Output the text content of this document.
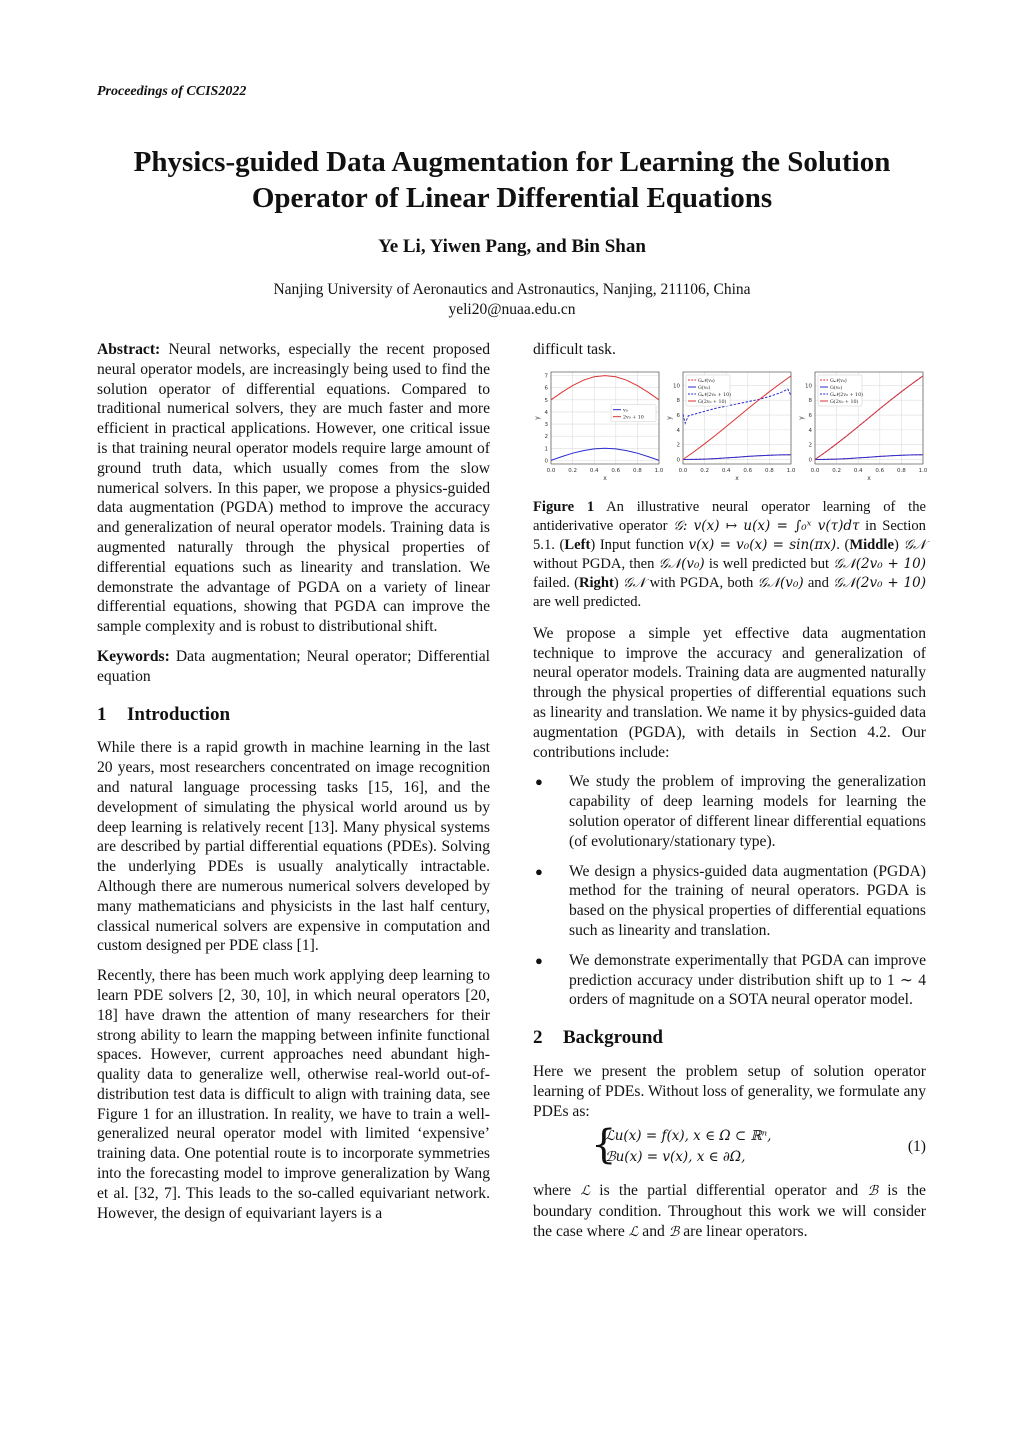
Proceedings of CCIS2022
Physics-guided Data Augmentation for Learning the Solution
Operator of Linear Differential Equations
Ye Li, Yiwen Pang, and Bin Shan
Nanjing University of Aeronautics and Astronautics, Nanjing, 211106, China
yeli20@nuaa.edu.cn

Abstract: Neural networks, especially the recent proposed neural operator models, are increasingly being used to find the solution operator of differential equations. Compared to traditional numerical solvers, they are much faster and more efficient in practical applications. However, one critical issue is that training neural operator models require large amount of ground truth data, which usually comes from the slow numerical solvers. In this paper, we propose a physics-guided data augmentation (PGDA) method to improve the accuracy and generalization of neural operator models. Training data is augmented naturally through the physical properties of differential equations such as linearity and translation. We demonstrate the advantage of PGDA on a variety of linear differential equations, showing that PGDA can improve the sample complexity and is robust to distributional shift.

Keywords: Data augmentation; Neural operator; Differential equation

1 Introduction

While there is a rapid growth in machine learning in the last 20 years, most researchers concentrated on image recognition and natural language processing tasks [15, 16], and the development of simulating the physical world around us by deep learning is relatively recent [13]. Many physical systems are described by partial differential equations (PDEs). Solving the underlying PDEs is usually analytically intractable. Although there are numerous numerical solvers developed by many mathematicians and physicists in the last half century, classical numerical solvers are expensive in computation and custom designed per PDE class [1].

Recently, there has been much work applying deep learning to learn PDE solvers [2, 30, 10], in which neural operators [20, 18] have drawn the attention of many researchers for their strong ability to learn the mapping between infinite functional spaces. However, current approaches need abundant high-quality data to generalize well, otherwise real-world out-of-distribution test data is difficult to align with training data, see Figure 1 for an illustration. In reality, we have to train a well-generalized neural operator model with limited ‘expensive’ training data. One potential route is to incorporate symmetries into the forecasting model to improve generalization by Wang et al. [32, 7]. This leads to the so-called equivariant network. However, the design of equivariant layers is a

difficult task.

0.0 0.2 0.4 0.6 0.8 1.0
0
1
2
3
4
5
6
7
x
y
v₀
2v₀ + 10
0.0 0.2 0.4 0.6 0.8 1.0
0
2
4
6
8
10
x
y
G𝒩(v₀)
G(v₀)
G𝒩(2v₀ + 10)
G(2v₀ + 10)
0.0 0.2 0.4 0.6 0.8 1.0
0
2
4
6
8
10
x
y
G𝒩(v₀)
G(v₀)
G𝒩(2v₀ + 10)
G(2v₀ + 10)
Figure 1 An illustrative neural operator learning of the antiderivative operator 𝒢: v(x) ↦ u(x) = ∫₀ˣ v(τ)dτ in Section 5.1. (Left) Input function v(x) = v₀(x) = sin(πx). (Middle) 𝒢𝒩 without PGDA, then 𝒢𝒩(v₀) is well predicted but 𝒢𝒩(2v₀ + 10) failed. (Right) 𝒢𝒩 with PGDA, both 𝒢𝒩(v₀) and 𝒢𝒩(2v₀ + 10) are well predicted.

We propose a simple yet effective data augmentation technique to improve the accuracy and generalization of neural operator models. Training data are augmented naturally through the physical properties of differential equations such as linearity and translation. We name it by physics-guided data augmentation (PGDA), with details in Section 4.2. Our contributions include:

● We study the problem of improving the generalization capability of deep learning models for learning the solution operator of different linear differential equations (of evolutionary/stationary type).
● We design a physics-guided data augmentation (PGDA) method for the training of neural operators. PGDA is based on the physical properties of differential equations such as linearity and translation.
● We demonstrate experimentally that PGDA can improve prediction accuracy under distribution shift up to 1 ∼ 4 orders of magnitude on a SOTA neural operator model.
2 Background

Here we present the problem setup of solution operator learning of PDEs. Without loss of generality, we formulate any PDEs as:

{
ℒu(x) = f(x), x ∈ Ω ⊂ ℝⁿ,
ℬu(x) = v(x), x ∈ ∂Ω,
(1)

where ℒ is the partial differential operator and ℬ is the boundary condition. Throughout this work we will consider the case where ℒ and ℬ are linear operators.
